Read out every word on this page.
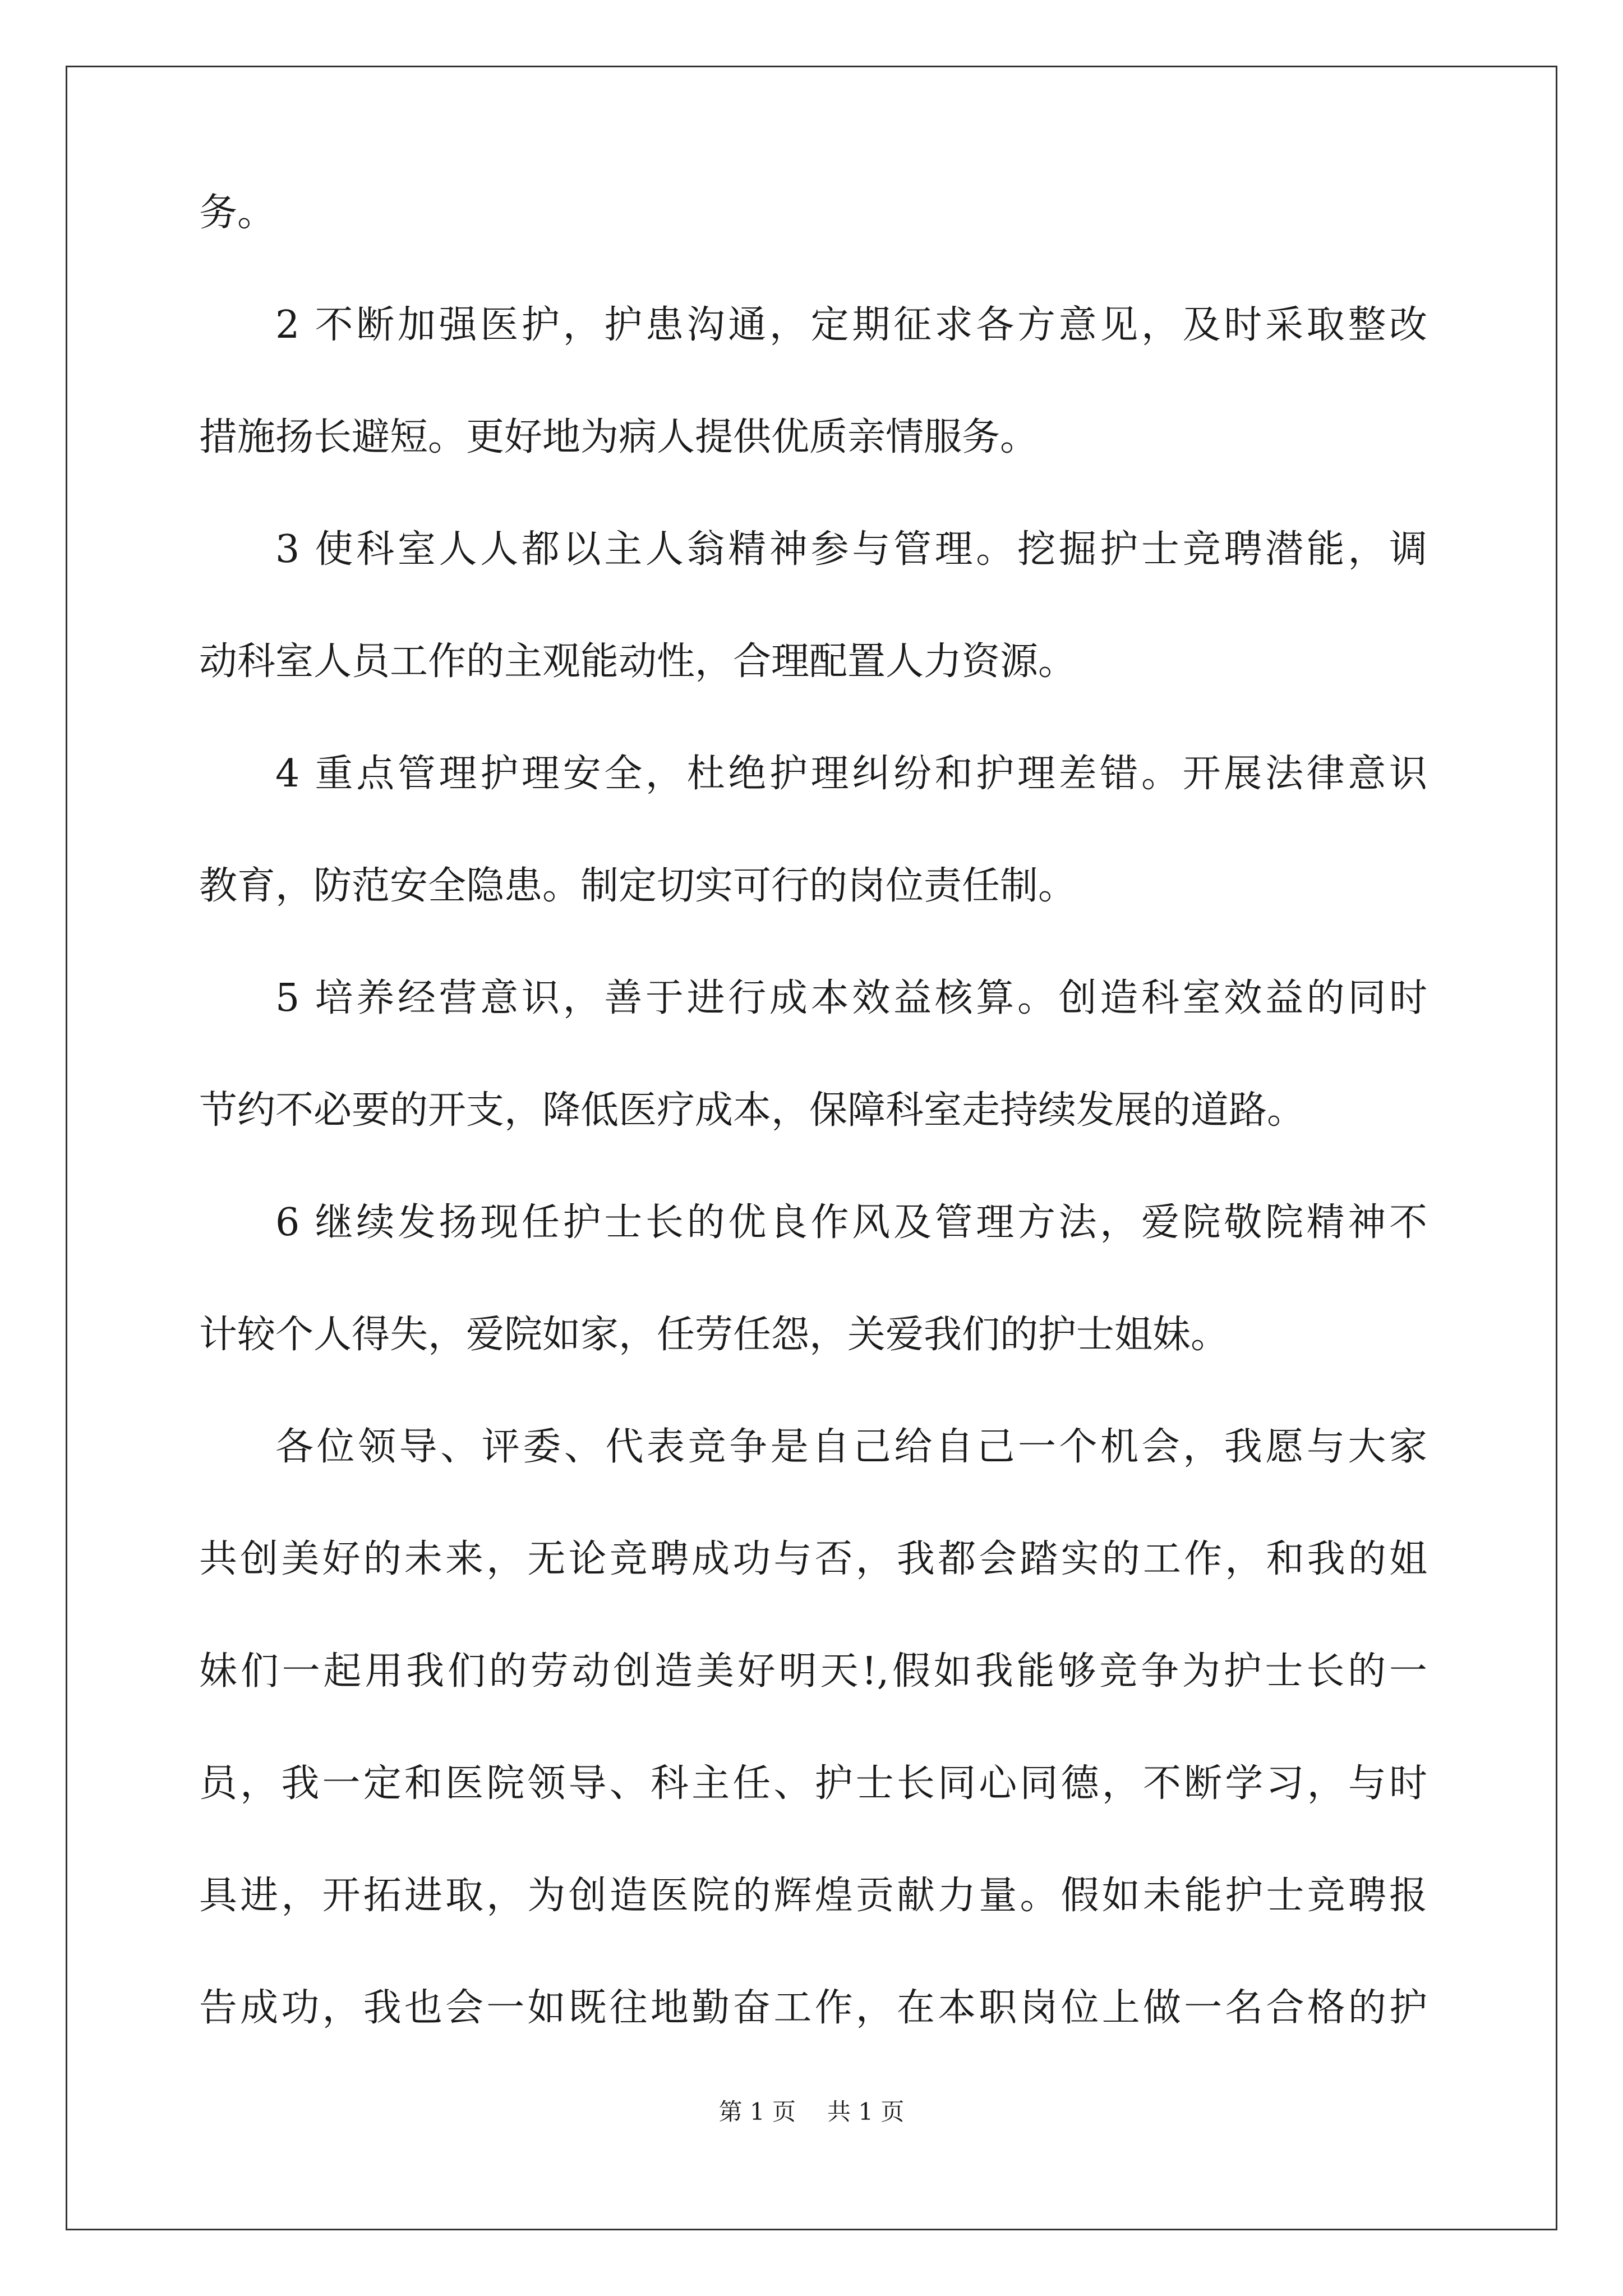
务。
2 不断加强医护，护患沟通，定期征求各方意见，及时采取整改
措施扬长避短。更好地为病人提供优质亲情服务。
3 使科室人人都以主人翁精神参与管理。挖掘护士竞聘潜能，调
动科室人员工作的主观能动性，合理配置人力资源。
4 重点管理护理安全，杜绝护理纠纷和护理差错。开展法律意识
教育，防范安全隐患。制定切实可行的岗位责任制。
5 培养经营意识，善于进行成本效益核算。创造科室效益的同时
节约不必要的开支，降低医疗成本，保障科室走持续发展的道路。
6 继续发扬现任护士长的优良作风及管理方法，爱院敬院精神不
计较个人得失，爱院如家，任劳任怨，关爱我们的护士姐妹。
各位领导、评委、代表竞争是自己给自己一个机会，我愿与大家
共创美好的未来，无论竞聘成功与否，我都会踏实的工作，和我的姐
妹们一起用我们的劳动创造美好明天!,假如我能够竞争为护士长的一
员，我一定和医院领导、科主任、护士长同心同德，不断学习，与时
具进，开拓进取，为创造医院的辉煌贡献力量。假如未能护士竞聘报
告成功，我也会一如既往地勤奋工作，在本职岗位上做一名合格的护
第 1 页 共 1 页
